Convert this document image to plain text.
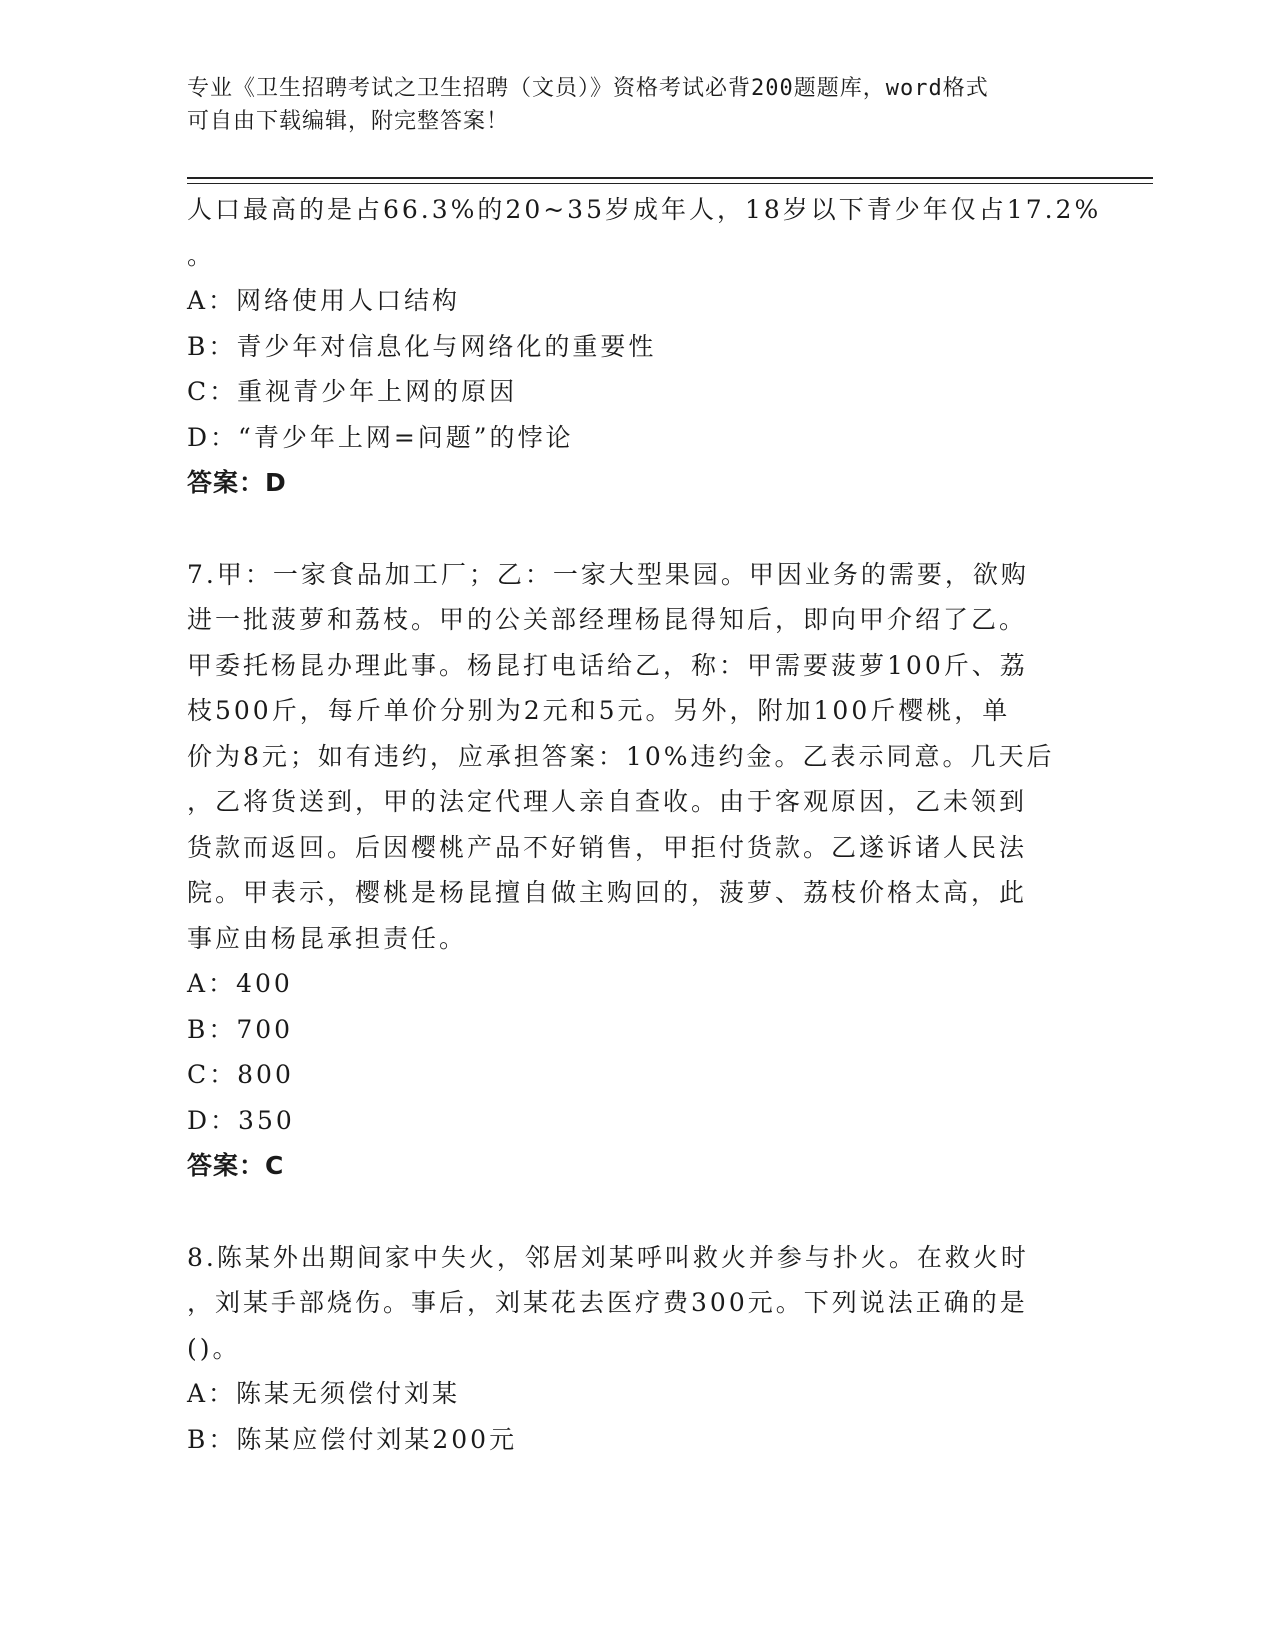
专业《卫生招聘考试之卫生招聘（文员）》资格考试必背200题题库，word格式
可自由下载编辑，附完整答案！
人口最高的是占66.3%的20~35岁成年人，18岁以下青少年仅占17.2%
。
A：网络使用人口结构
B：青少年对信息化与网络化的重要性
C：重视青少年上网的原因
D：“青少年上网=问题”的悖论
答案：D
7.甲：一家食品加工厂；乙：一家大型果园。甲因业务的需要，欲购
进一批菠萝和荔枝。甲的公关部经理杨昆得知后，即向甲介绍了乙。
甲委托杨昆办理此事。杨昆打电话给乙，称：甲需要菠萝100斤、荔
枝500斤，每斤单价分别为2元和5元。另外，附加100斤樱桃，单
价为8元；如有违约，应承担答案：10%违约金。乙表示同意。几天后
，乙将货送到，甲的法定代理人亲自查收。由于客观原因，乙未领到
货款而返回。后因樱桃产品不好销售，甲拒付货款。乙遂诉诸人民法
院。甲表示，樱桃是杨昆擅自做主购回的，菠萝、荔枝价格太高，此
事应由杨昆承担责任。
A：400
B：700
C：800
D：350
答案：C
8.陈某外出期间家中失火，邻居刘某呼叫救火并参与扑火。在救火时
，刘某手部烧伤。事后，刘某花去医疗费300元。下列说法正确的是
()。
A：陈某无须偿付刘某
B：陈某应偿付刘某200元
